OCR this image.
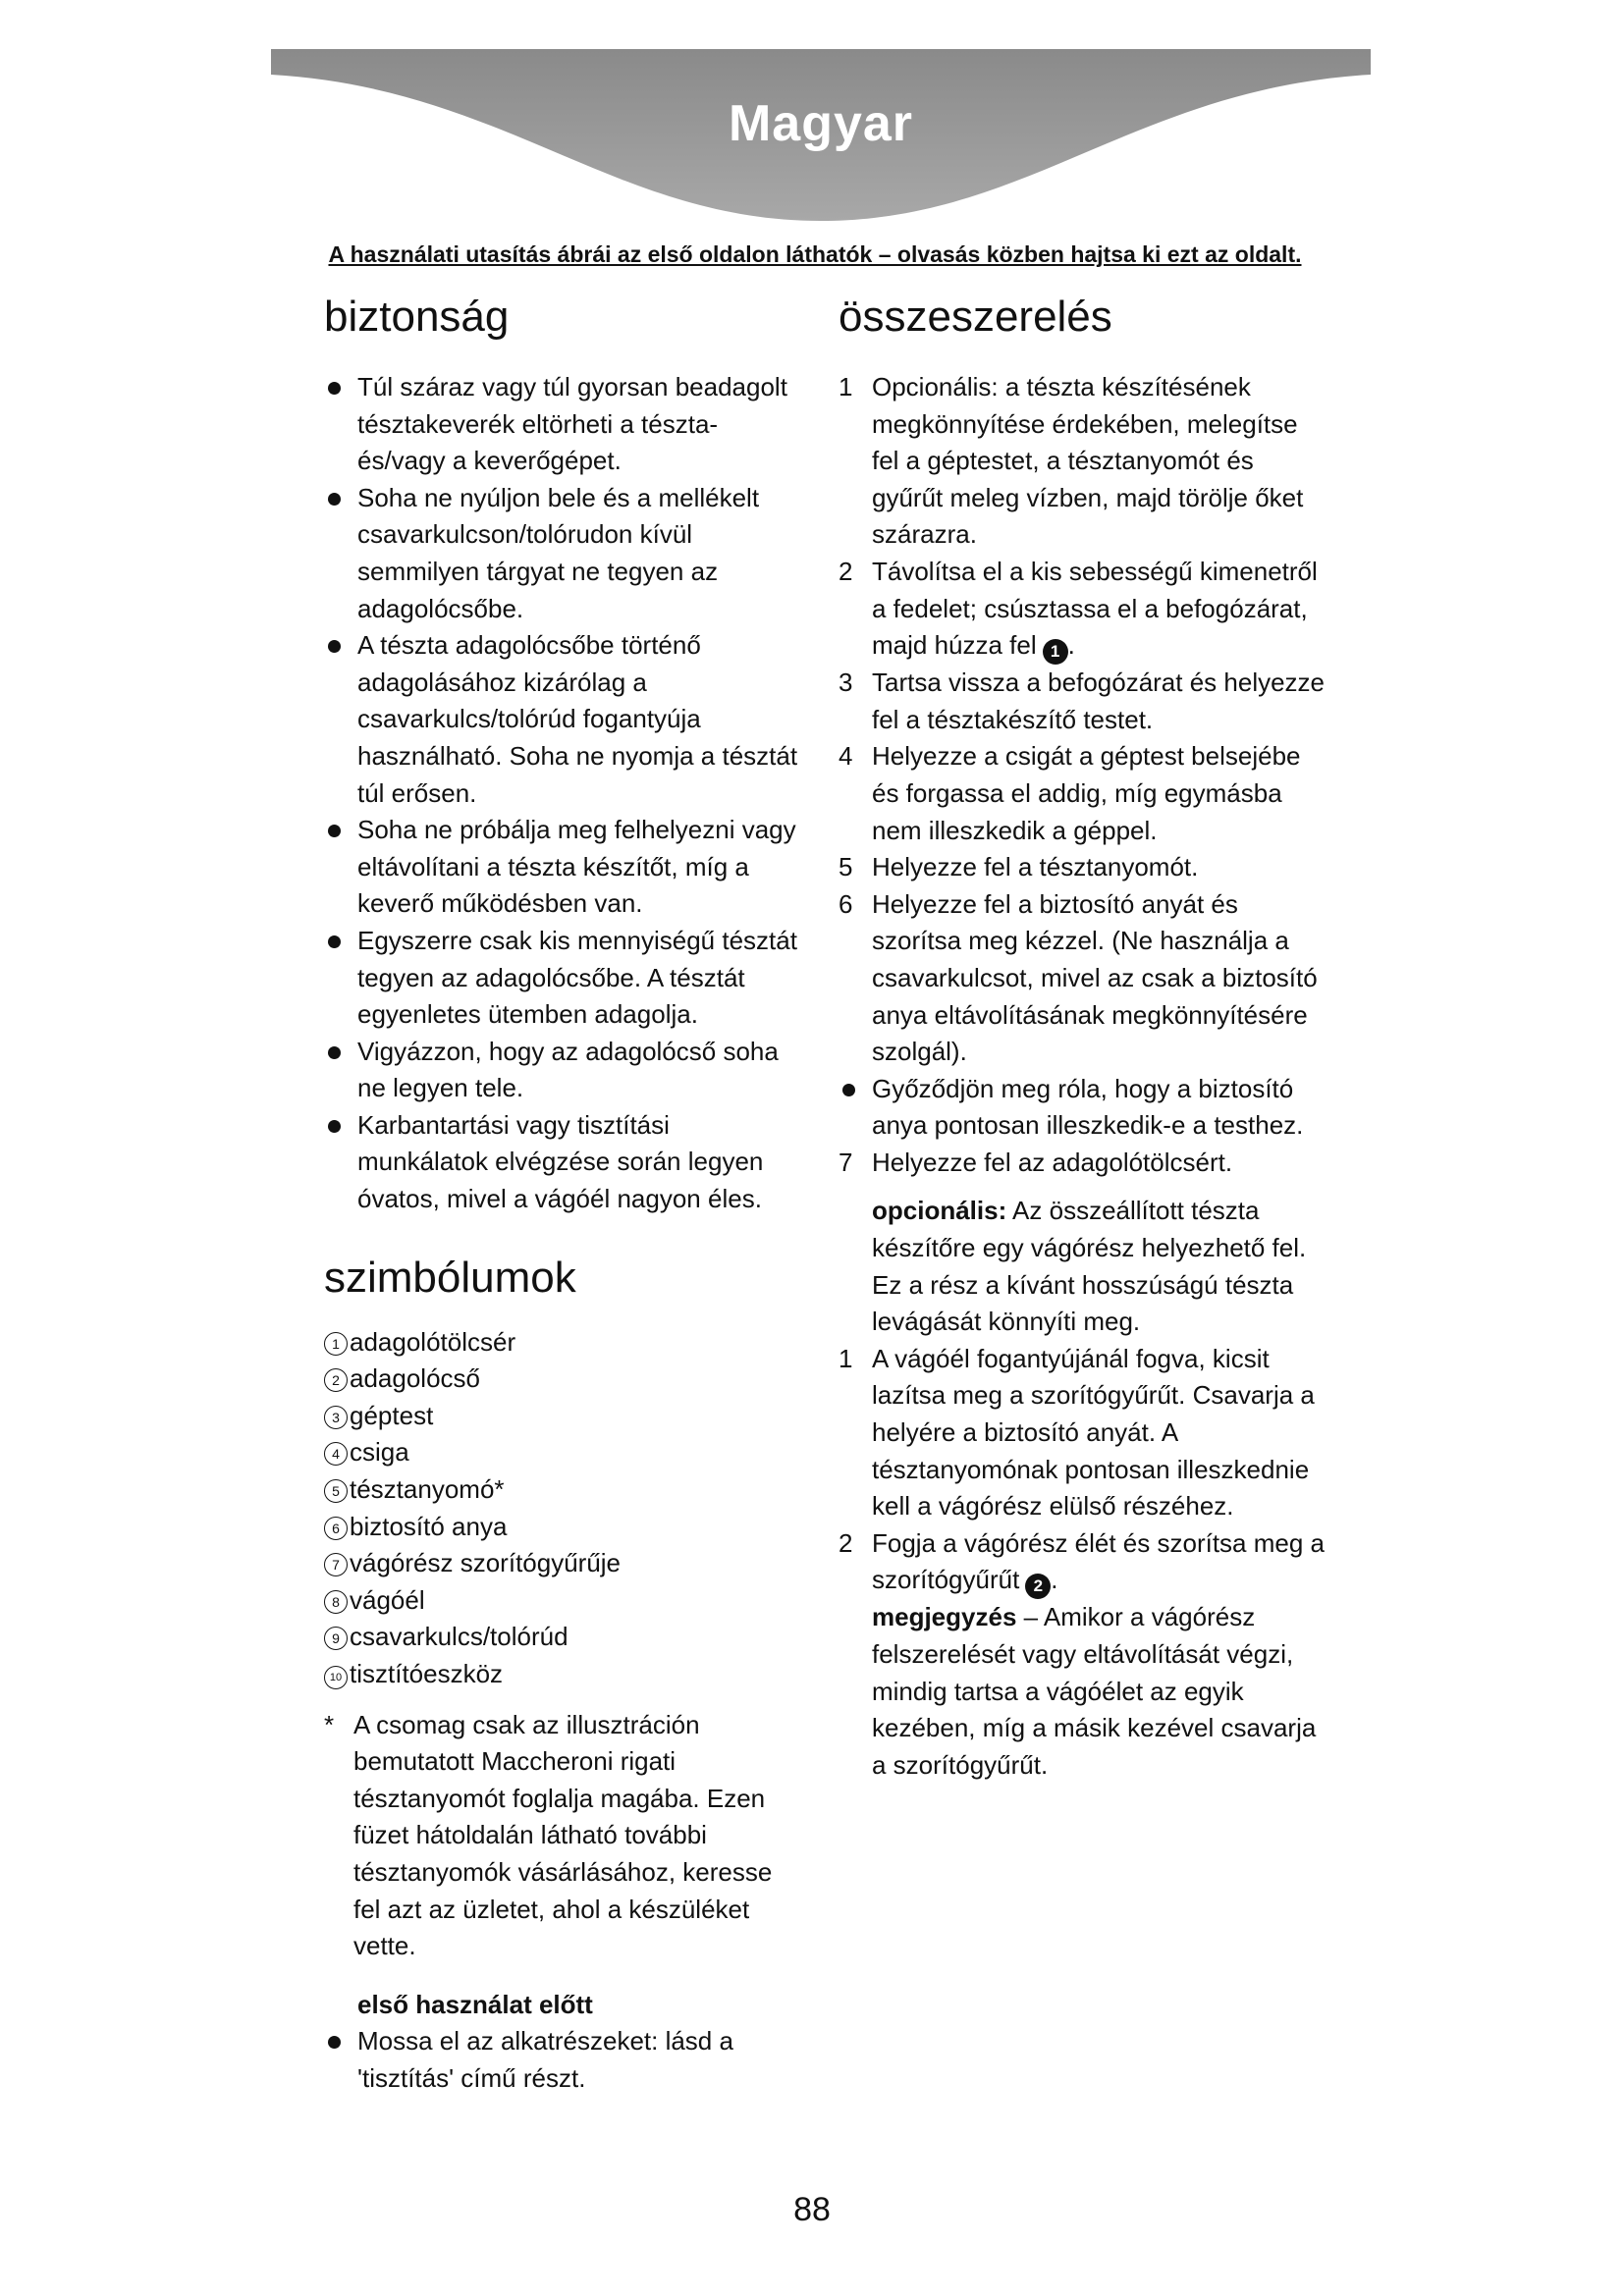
Magyar
A használati utasítás ábrái az első oldalon láthatók – olvasás közben hajtsa ki ezt az oldalt.
biztonság
Túl száraz vagy túl gyorsan beadagolt tésztakeverék eltörheti a tészta- és/vagy a keverőgépet.
Soha ne nyúljon bele és a mellékelt csavarkulcson/tolórudon kívül semmilyen tárgyat ne tegyen az adagolócsőbe.
A tészta adagolócsőbe történő adagolásához kizárólag a csavarkulcs/tolórúd fogantyúja használható. Soha ne nyomja a tésztát túl erősen.
Soha ne próbálja meg felhelyezni vagy eltávolítani a tészta készítőt, míg a keverő működésben van.
Egyszerre csak kis mennyiségű tésztát tegyen az adagolócsőbe. A tésztát egyenletes ütemben adagolja.
Vigyázzon, hogy az adagolócső soha ne legyen tele.
Karbantartási vagy tisztítási munkálatok elvégzése során legyen óvatos, mivel a vágóél nagyon éles.
szimbólumok
1 adagolótölcsér
2 adagolócső
3 géptest
4 csiga
5 tésztanyomó*
6 biztosító anya
7 vágórész szorítógyűrűje
8 vágóél
9 csavarkulcs/tolórúd
10 tisztítóeszköz
* A csomag csak az illusztráción bemutatott Maccheroni rigati tésztanyomót foglalja magába. Ezen füzet hátoldalán látható további tésztanyomók vásárlásához, keresse fel azt az üzletet, ahol a készüléket vette.
első használat előtt
Mossa el az alkatrészeket: lásd a 'tisztítás' című részt.
összeszerelés
1 Opcionális: a tészta készítésének megkönnyítése érdekében, melegítse fel a géptestet, a tésztanyomót és gyűrűt meleg vízben, majd törölje őket szárazra.
2 Távolítsa el a kis sebességű kimenetről a fedelet; csúsztassa el a befogózárat, majd húzza fel 1 .
3 Tartsa vissza a befogózárat és helyezze fel a tésztakészítő testet.
4 Helyezze a csigát a géptest belsejébe és forgassa el addig, míg egymásba nem illeszkedik a géppel.
5 Helyezze fel a tésztanyomót.
6 Helyezze fel a biztosító anyát és szorítsa meg kézzel. (Ne használja a csavarkulcsot, mivel az csak a biztosító anya eltávolításának megkönnyítésére szolgál).
Győződjön meg róla, hogy a biztosító anya pontosan illeszkedik-e a testhez.
7 Helyezze fel az adagolótölcsért.
opcionális: Az összeállított tészta készítőre egy vágórész helyezhető fel. Ez a rész a kívánt hosszúságú tészta levágását könnyíti meg.
1 A vágóél fogantyújánál fogva, kicsit lazítsa meg a szorítógyűrűt. Csavarja a helyére a biztosító anyát. A tésztanyomónak pontosan illeszkednie kell a vágórész elülső részéhez.
2 Fogja a vágórész élét és szorítsa meg a szorítógyűrűt 2 .
megjegyzés – Amikor a vágórész felszerelését vagy eltávolítását végzi, mindig tartsa a vágóélet az egyik kezében, míg a másik kezével csavarja a szorítógyűrűt.
88
